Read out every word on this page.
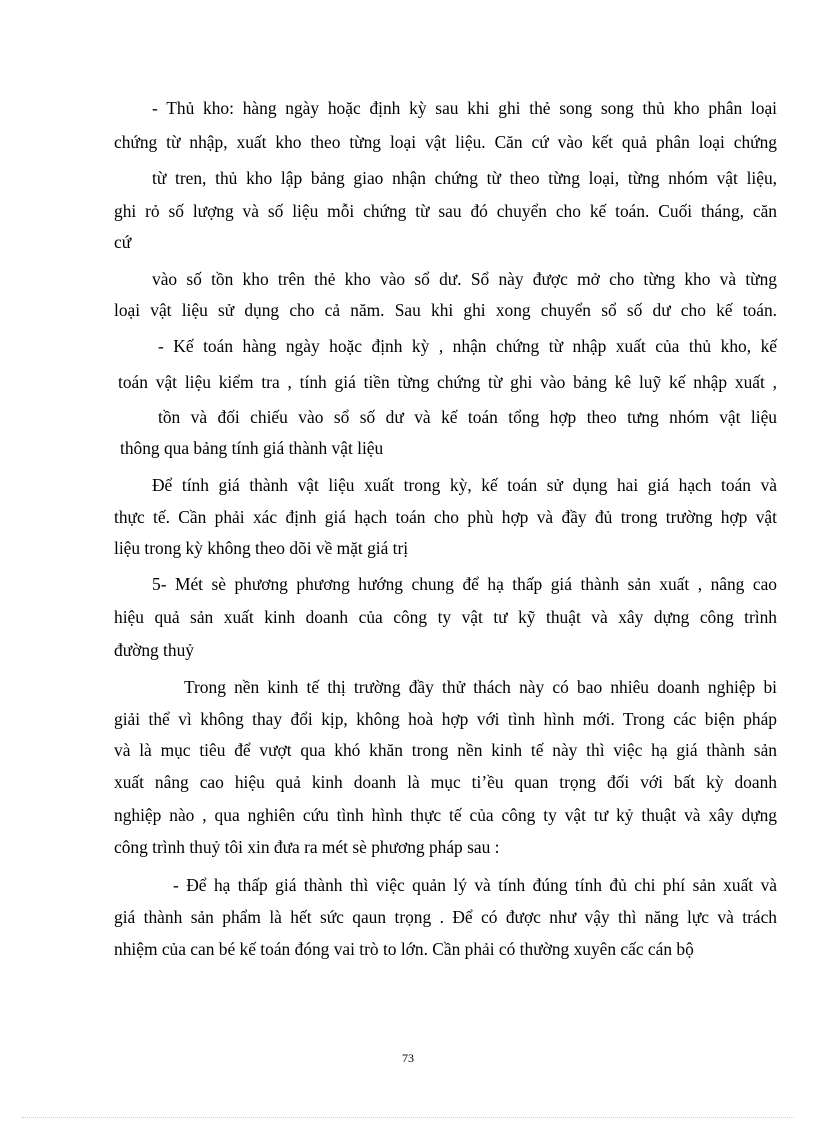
- Thủ kho: hàng ngày hoặc định kỳ sau khi ghi thẻ song song thủ kho phân loại
chứng từ nhập, xuất kho theo từng loại vật liệu. Căn cứ vào kết quả phân loại chứng
từ tren, thủ kho lập bảng giao nhận chứng từ theo từng loại, từng nhóm vật liệu,
ghi rỏ số lượng và số liệu mỗi chứng từ sau đó chuyển cho kế toán. Cuối tháng, căn
cứ
vào số tồn kho trên thẻ kho vào sổ dư. Sổ này được mở cho từng kho và từng
loại vật liệu sử dụng cho cả năm. Sau khi ghi xong chuyển sổ số dư cho kế toán.
- Kế toán hàng ngày hoặc định kỳ , nhận chứng từ nhập xuất của thủ kho, kế
toán vật liệu kiểm tra , tính giá tiền từng chứng từ ghi vào bảng kê luỹ kế nhập xuất ,
tồn và đối chiếu vào sổ số dư và kế toán tổng hợp theo tưng nhóm vật liệu
thông qua bảng tính giá thành vật liệu
Để tính giá thành vật liệu xuất trong kỳ, kế toán sử dụng hai giá hạch toán và
thực tế. Cần phải xác định giá hạch toán cho phù hợp và đầy đủ trong trường hợp vật
liệu trong kỳ không theo dõi về mặt giá trị
5- Mét sè phương phương hướng chung để hạ thấp giá thành sản xuất , nâng cao
hiệu quả sản xuất kinh doanh của công ty vật tư kỹ thuật và xây dựng công trình
đường thuỷ
Trong nền kinh tế thị trường đầy thử thách này có bao nhiêu doanh nghiệp bi
giải thể vì không thay đổi kịp, không hoà hợp với tình hình mới. Trong các biện pháp
và là mục tiêu để vượt qua khó khăn trong nền kinh tế này thì việc hạ giá thành sản
xuất nâng cao hiệu quả kinh doanh là mục ti’ều quan trọng đối với bất kỳ doanh
nghiệp nào , qua nghiên cứu tình hình thực tế của công ty vật tư kỷ thuật và xây dựng
công trình thuỷ tôi xin đưa ra mét sè phương pháp sau :
- Để hạ thấp giá thành thì việc quản lý và tính đúng tính đủ chi phí sản xuất và
giá thành sản phẩm là hết sức qaun trọng . Để có được như vậy thì năng lực và trách
nhiệm của can bé kế toán đóng vai trò to lớn. Cần phải có thường xuyên cấc cán bộ
73
